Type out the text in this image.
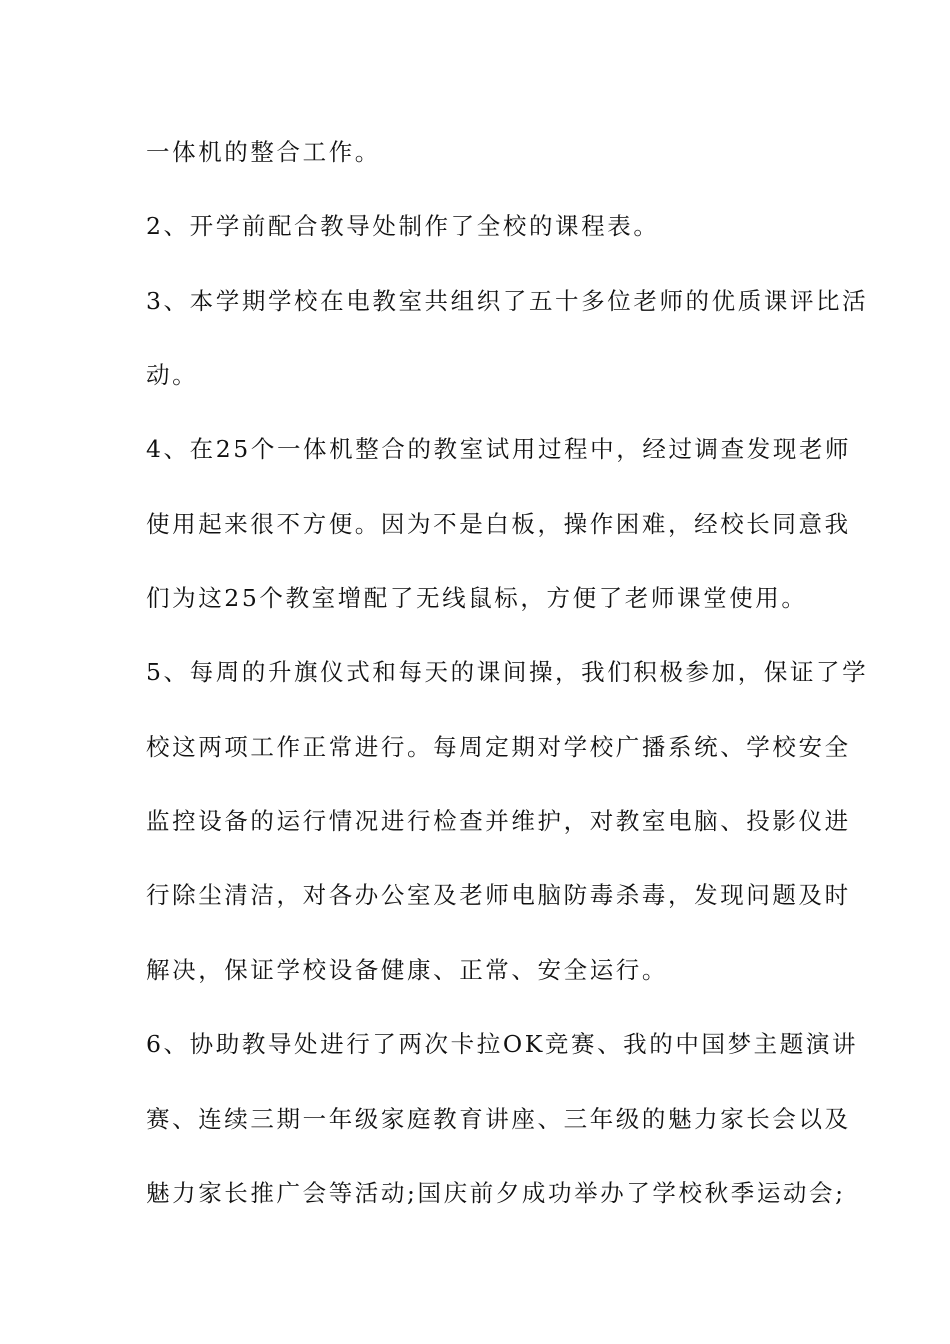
一体机的整合工作。
2、开学前配合教导处制作了全校的课程表。
3、本学期学校在电教室共组织了五十多位老师的优质课评比活
动。
4、在25个一体机整合的教室试用过程中，经过调查发现老师
使用起来很不方便。因为不是白板，操作困难，经校长同意我
们为这25个教室增配了无线鼠标，方便了老师课堂使用。
5、每周的升旗仪式和每天的课间操，我们积极参加，保证了学
校这两项工作正常进行。每周定期对学校广播系统、学校安全
监控设备的运行情况进行检查并维护，对教室电脑、投影仪进
行除尘清洁，对各办公室及老师电脑防毒杀毒，发现问题及时
解决，保证学校设备健康、正常、安全运行。
6、协助教导处进行了两次卡拉OK竞赛、我的中国梦主题演讲
赛、连续三期一年级家庭教育讲座、三年级的魅力家长会以及
魅力家长推广会等活动;国庆前夕成功举办了学校秋季运动会;
